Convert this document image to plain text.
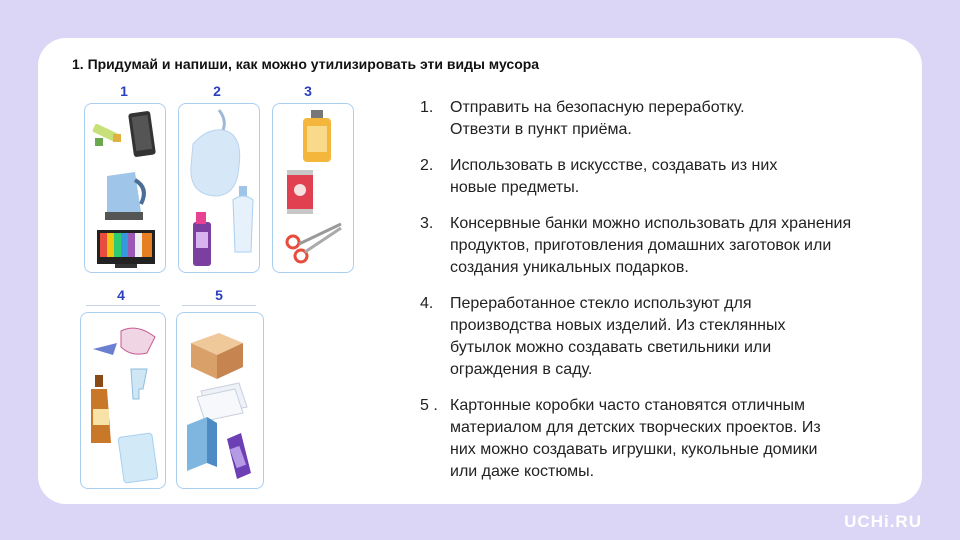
1. Придумай и напиши, как можно утилизировать эти виды мусора
1	2	3
4	5
1.	Отправить на безопасную переработку. Отвезти в пункт приёма.
2.	Использовать в искусстве, создавать из них новые предметы.
3.	Консервные банки можно использовать для хранения продуктов, приготовления домашних заготовок или создания уникальных подарков.
4.	Переработанное стекло используют для производства новых изделий. Из стеклянных бутылок можно создавать светильники или ограждения в саду.
5 . Картонные коробки часто становятся отличным материалом для детских творческих проектов. Из них можно создавать игрушки, кукольные домики или даже костюмы.
UCHi.RU
